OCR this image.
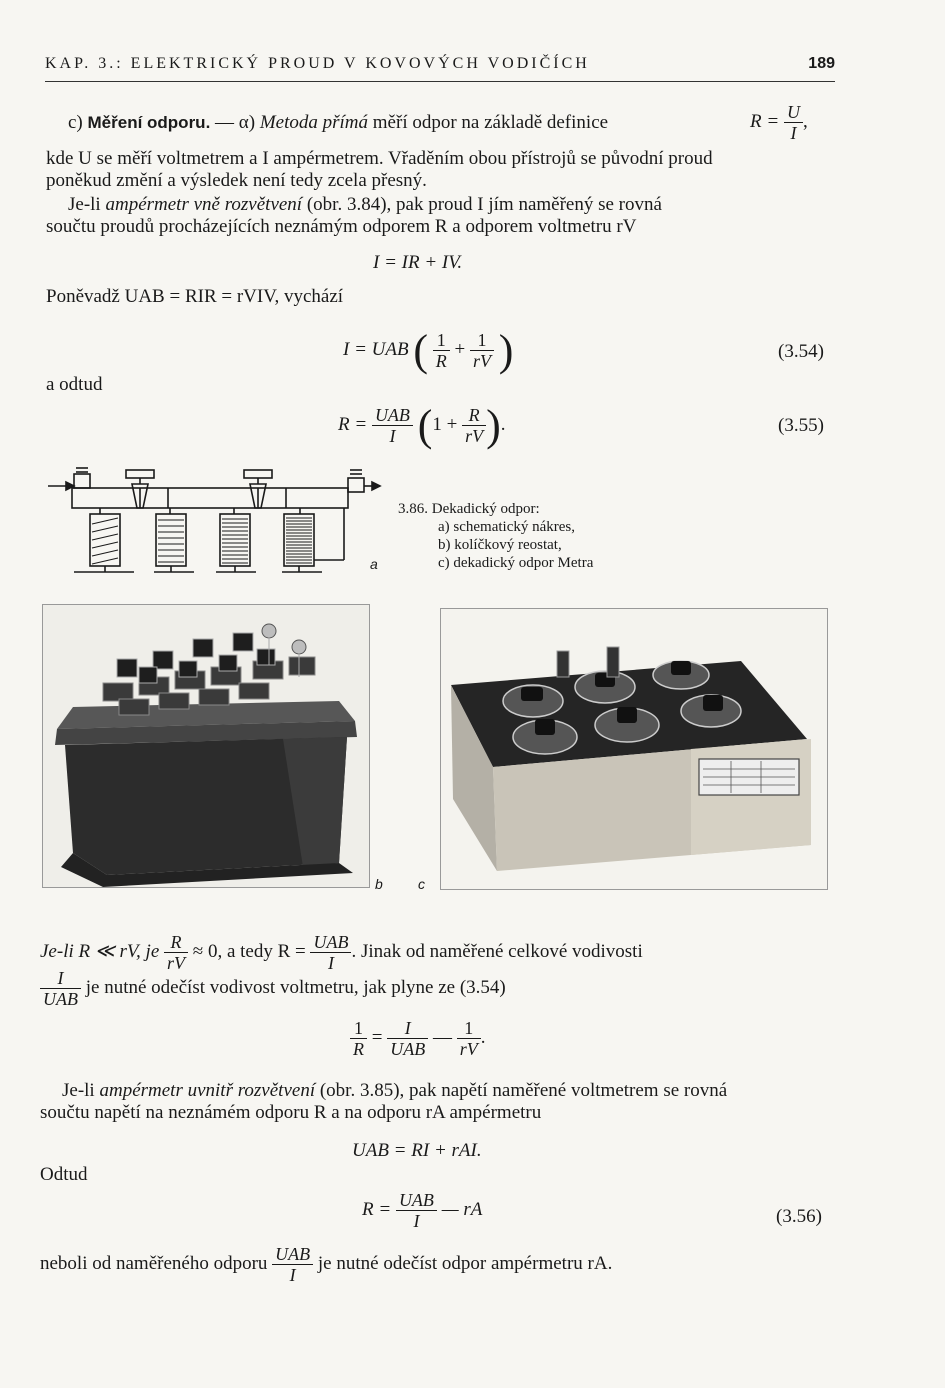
KAP. 3.: ELEKTRICKÝ PROUD V KOVOVÝCH VODIČÍCH	189
c) Měření odporu. — α) Metoda přímá měří odpor na základě definice	$R = \frac{U}{I}$ ,
kde U se měří voltmetrem a I ampérmetrem. Vřaděním obou přístrojů se původní proud
poněkud změní a výsledek není tedy zcela přesný.
Je-li ampérmetr vně rozvětvení (obr. 3.84), pak proud I jím naměřený se rovná
součtu proudů procházejících neznámým odporem R a odporem voltmetru rV
I = IR + IV.
Poněvadž UAB = RIR = rVIV, vychází
I = UAB ( $\frac{1}{R} + \frac{1}{rV}$ )	(3.54)
a odtud
$R = \frac{\text{UAB}}{I} (1 + \frac{R}{rV}$ ).	(3.55)
a
3.86. Dekadický odpor:
a) schematický nákres,
b) kolíčkový reostat,
c) dekadický odpor Metra
b	c
Je-li R ≪ rV, je $\frac{R}{rV} \approx 0$, a tedy $R = \frac{\text{UAB}}{I}$ . Jinak od naměřené celkové vodivosti
$\frac{I}{\text{UAB}}$ je nutné odečíst vodivost voltmetru, jak plyne ze (3.54)
$\frac{1}{R} = \frac{I}{\text{UAB}}$ — $\frac{1}{rV}$ .
Je-li ampérmetr uvnitř rozvětvení (obr. 3.85), pak napětí naměřené voltmetrem se rovná
součtu napětí na neznámém odporu R a na odporu rA ampérmetru
UAB = RI + rAI.
Odtud
$R = \frac{\text{UAB}}{I}$ — rA	(3.56)
neboli od naměřeného odporu $\frac{\text{UAB}}{I}$ je nutné odečíst odpor ampérmetru rA.
